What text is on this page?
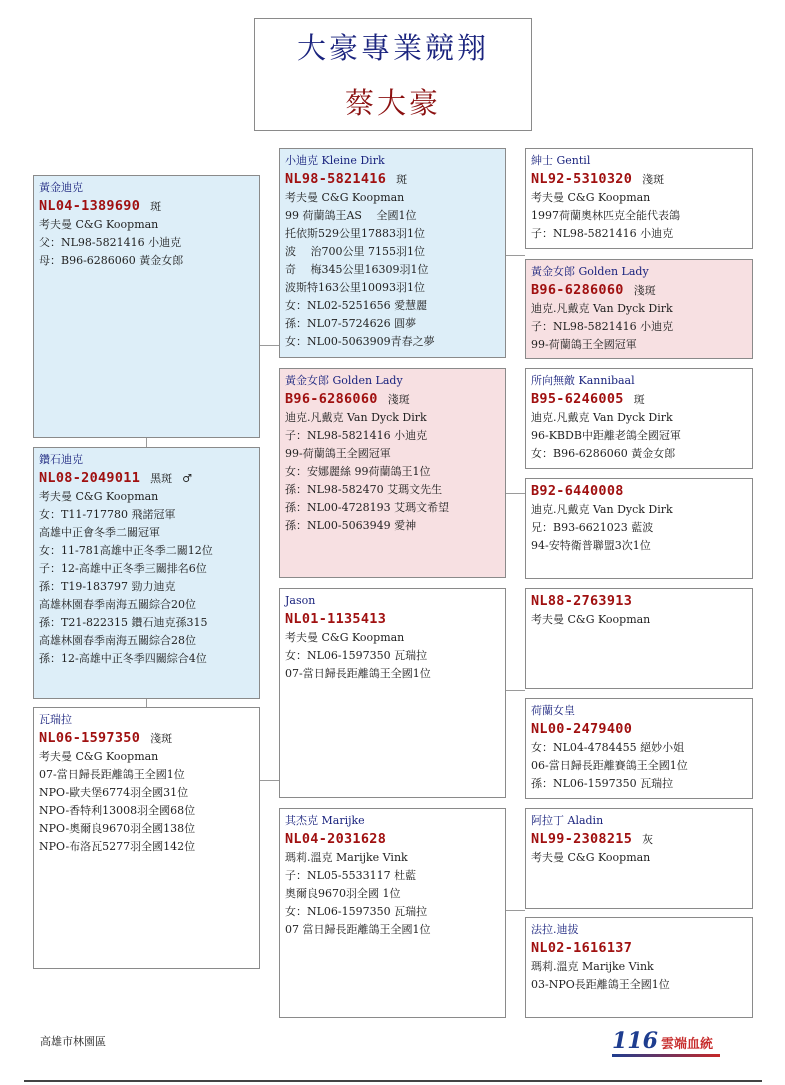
大豪專業競翔
蔡大豪
黃金迪克
NL04-1389690 斑
考夫曼 C&G Koopman
父：NL98-5821416 小迪克
母：B96-6286060 黃金女郎
鑽石迪克
NL08-2049011 黑斑 ♂
考夫曼 C&G Koopman
女：T11-717780 飛諾冠軍
高雄中正會冬季二關冠軍
女：11-781高雄中正冬季二關12位
子：12-高雄中正冬季三關排名6位
孫：T19-183797 勁力迪克
高雄林園春季南海五關綜合20位
孫：T21-822315 鑽石迪克孫315
高雄林園春季南海五關綜合28位
孫：12-高雄中正冬季四關綜合4位
瓦瑞拉
NL06-1597350 淺斑
考夫曼 C&G Koopman
07-當日歸長距離鴿王全國1位
NPO-歐夫堡6774羽全國31位
NPO-香特利13008羽全國68位
NPO-奧爾良9670羽全國138位
NPO-布洛瓦5277羽全國142位
小迪克 Kleine Dirk
NL98-5821416 斑
考夫曼 C&G Koopman
99 荷蘭鴿王AS　 全國1位
托依斯529公里17883羽1位
波　 治700公里 7155羽1位
奇　 梅345公里16309羽1位
波斯特163公里10093羽1位
女：NL02-5251656 愛慧麗
孫：NL07-5724626 圓夢
女：NL00-5063909青春之夢
黃金女郎 Golden Lady
B96-6286060 淺斑
迪克.凡戴克 Van Dyck Dirk
子：NL98-5821416 小迪克
99-荷蘭鴿王全國冠軍
女：安娜麗絲 99荷蘭鴿王1位
孫：NL98-582470 艾瑪文先生
孫：NL00-4728193 艾瑪文希望
孫：NL00-5063949 愛神
Jason
NL01-1135413
考夫曼 C&G Koopman
女：NL06-1597350 瓦瑞拉
07-當日歸長距離鴿王全國1位
其杰克 Marijke
NL04-2031628
瑪莉.溫克 Marijke Vink
子：NL05-5533117 杜藍
奧爾良9670羽全國 1位
女：NL06-1597350 瓦瑞拉
07 當日歸長距離鴿王全國1位
紳士 Gentil
NL92-5310320 淺斑
考夫曼 C&G Koopman
1997荷蘭奧林匹克全能代表鴿
子：NL98-5821416 小迪克
黃金女郎 Golden Lady
B96-6286060 淺斑
迪克.凡戴克 Van Dyck Dirk
子：NL98-5821416 小迪克
99-荷蘭鴿王全國冠軍
所向無敵 Kannibaal
B95-6246005 斑
迪克.凡戴克 Van Dyck Dirk
96-KBDB中距離老鴿全國冠軍
女：B96-6286060 黃金女郎
B92-6440008
迪克.凡戴克 Van Dyck Dirk
兄：B93-6621023 藍波
94-安特衛普聯盟3次1位
NL88-2763913
考夫曼 C&G Koopman
荷蘭女皇
NL00-2479400
女：NL04-4784455 絕妙小姐
06-當日歸長距離賽鴿王全國1位
孫：NL06-1597350 瓦瑞拉
阿拉丁 Aladin
NL99-2308215 灰
考夫曼 C&G Koopman
法拉.迪拔
NL02-1616137
瑪莉.溫克 Marijke Vink
03-NPO長距離鴿王全國1位
高雄市林園區	116 雲端血統
